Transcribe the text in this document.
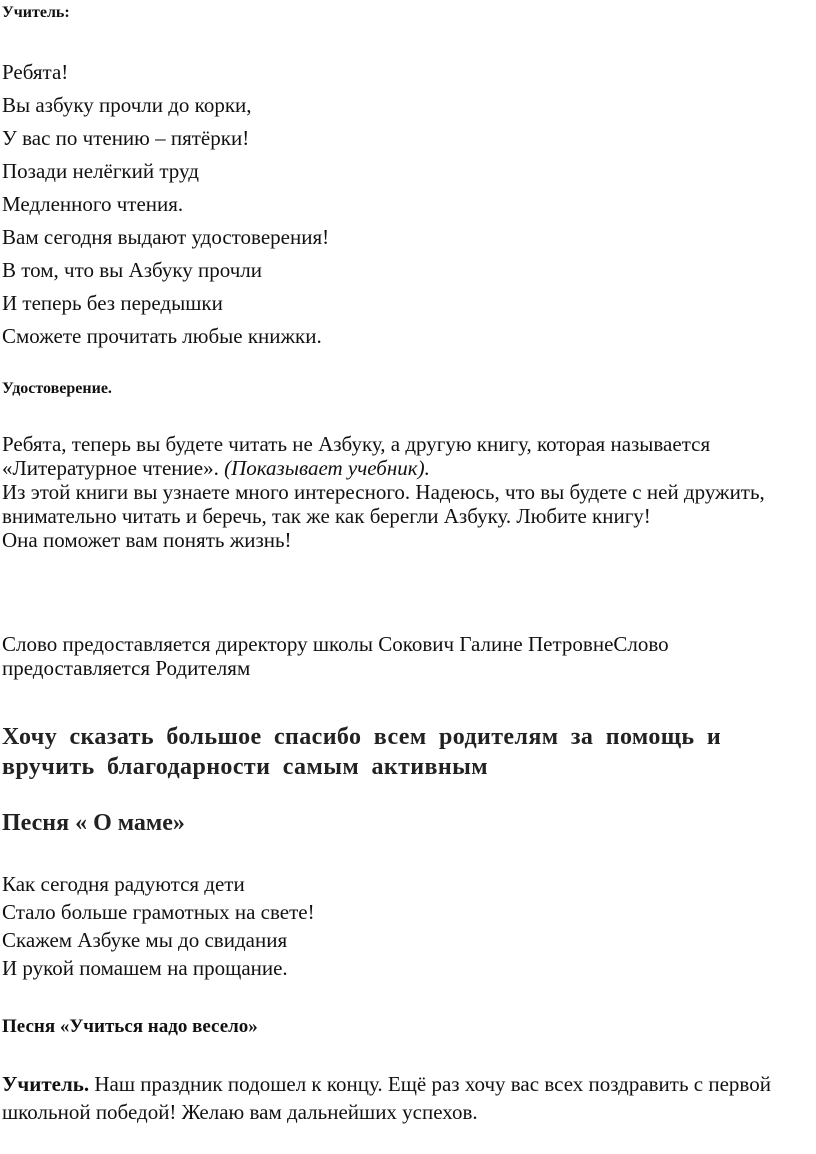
Учитель:

Ребята!
Вы азбуку прочли до корки,
У вас по чтению – пятёрки!
Позади нелёгкий труд
Медленного чтения.
Вам сегодня выдают удостоверения!
В том, что вы Азбуку прочли
И теперь без передышки
Сможете прочитать любые книжки.

Удостоверение.

Ребята, теперь вы будете читать не Азбуку, а другую книгу, которая называется «Литературное чтение». (Показывает учебник).
Из этой книги вы узнаете много интересного. Надеюсь, что вы будете с ней дружить, внимательно читать и беречь, так же как берегли Азбуку. Любите книгу!
Она поможет вам понять жизнь!
Слово предоставляется директору школы Сокович Галине ПетровнеСлово предоставляется Родителям
Хочу сказать большое спасибо всем родителям за помощь и вручить благодарности самым активным
Песня « О маме»
Как сегодня радуются дети
Стало больше грамотных на свете!
Скажем Азбуке мы до свидания
И рукой помашем на прощание.
Песня «Учиться надо весело»
Учитель. Наш праздник подошел к концу. Ещё раз хочу вас всех поздравить с первой школьной победой! Желаю вам дальнейших успехов.
